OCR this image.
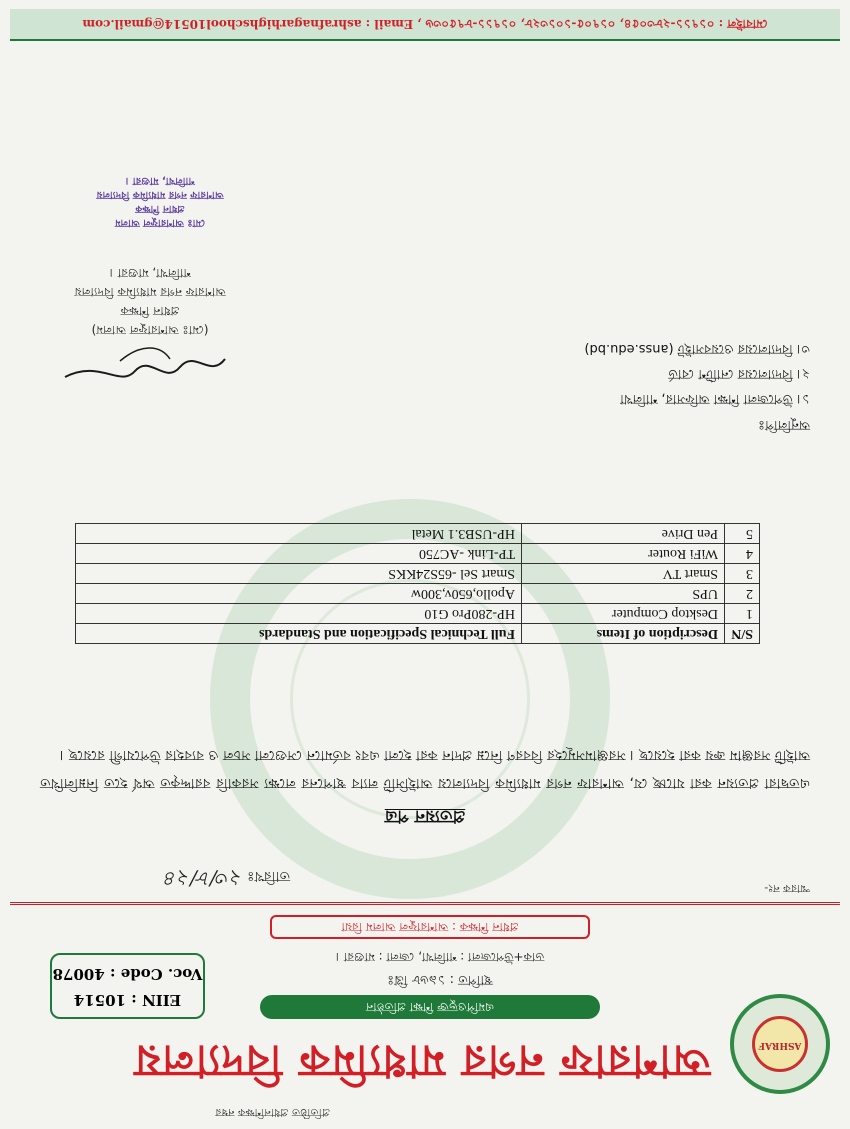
প্রতিষ্ঠিত প্রধানশিক্ষক নম্বর
ASHRAF
আশরাফ নগর মাধ্যমিক বিদ্যালয়
এমপিওভুক্ত শিক্ষা প্রতিষ্ঠান
স্থাপিত : ১৯৬৮ খ্রিঃ
ডাক+উপজেলা : শালিখা, জেলা : মাগুরা ।
প্রধান শিক্ষক : আশরাফুল আলম রিয়া
EIIN : 10514
Voc. Code : 40078
স্মারক নং-
তারিখঃ ২৩/৮/২৪
প্রত্যয়ন পত্র
এতদ্বারা প্রত্যয়ন করা যাচ্ছে যে, আশরাফ নগর মাধ্যমিক বিদ্যালয়ে আইসিটি ল্যাব স্থাপনের লক্ষ্যে সরকারি বরাদ্দকৃত অর্থ হতে নিম্নলিখিত আইটি সরঞ্জাম ক্রয় করা হয়েছে । সরঞ্জামসমূহের বিবরণ নিম্নে প্রদান করা হলো এবং বর্তমানে সেগুলো সচল ও ব্যবহার উপযোগী রয়েছে ।
S/N	Description of Items	Full Technical Specification and Standards
1	Desktop Computer	HP-280Pro G10
2	UPS	Apollo,650v,300w
3	Smart TV	Smart Sel -65S24KKS
4	WiFi Router	TP-Link -AC750
5	Pen Drive	HP-USB3.1 Metal
অনুলিপিঃ
১। উপজেলা শিক্ষা অফিসার, শালিখা
২। বিদ্যালয়ের নোটিশ বোর্ড
৩। বিদ্যালয়ের ওয়েবসাইট (anss.edu.bd)
(মোঃ আশরাফুল আলম)
প্রধান শিক্ষক
আশরাফ নগর মাধ্যমিক বিদ্যালয়
শালিখা, মাগুরা ।
মোঃ আশরাফুল আলম
প্রধান শিক্ষক
আশরাফ নগর মাধ্যমিক বিদ্যালয়
শালিখা, মাগুরা ।
মোবাইল : ০১৭১১-২৮৩০৫৪, ০১৭০৫-১০১৩২৮, ০১৭১১-৮৭৫০৩৬ , Email : ashrafnagarhighschool10514@gmail.com
